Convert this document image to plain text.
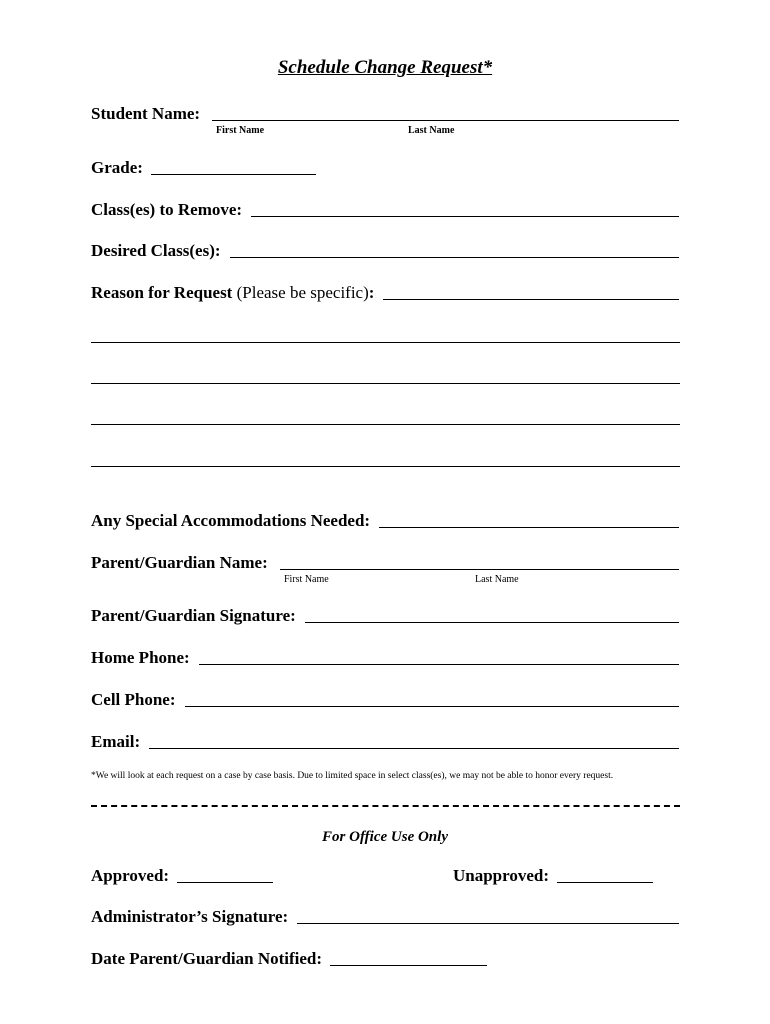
Schedule Change Request*
Student Name:
First Name	Last Name
Grade:
Class(es) to Remove:
Desired Class(es):
Reason for Request (Please be specific):
Any Special Accommodations Needed:
Parent/Guardian Name:
First Name	Last Name
Parent/Guardian Signature:
Home Phone:
Cell Phone:
Email:
*We will look at each request on a case by case basis. Due to limited space in select class(es), we may not be able to honor every request.
For Office Use Only
Approved:	Unapproved:
Administrator’s Signature:
Date Parent/Guardian Notified:
